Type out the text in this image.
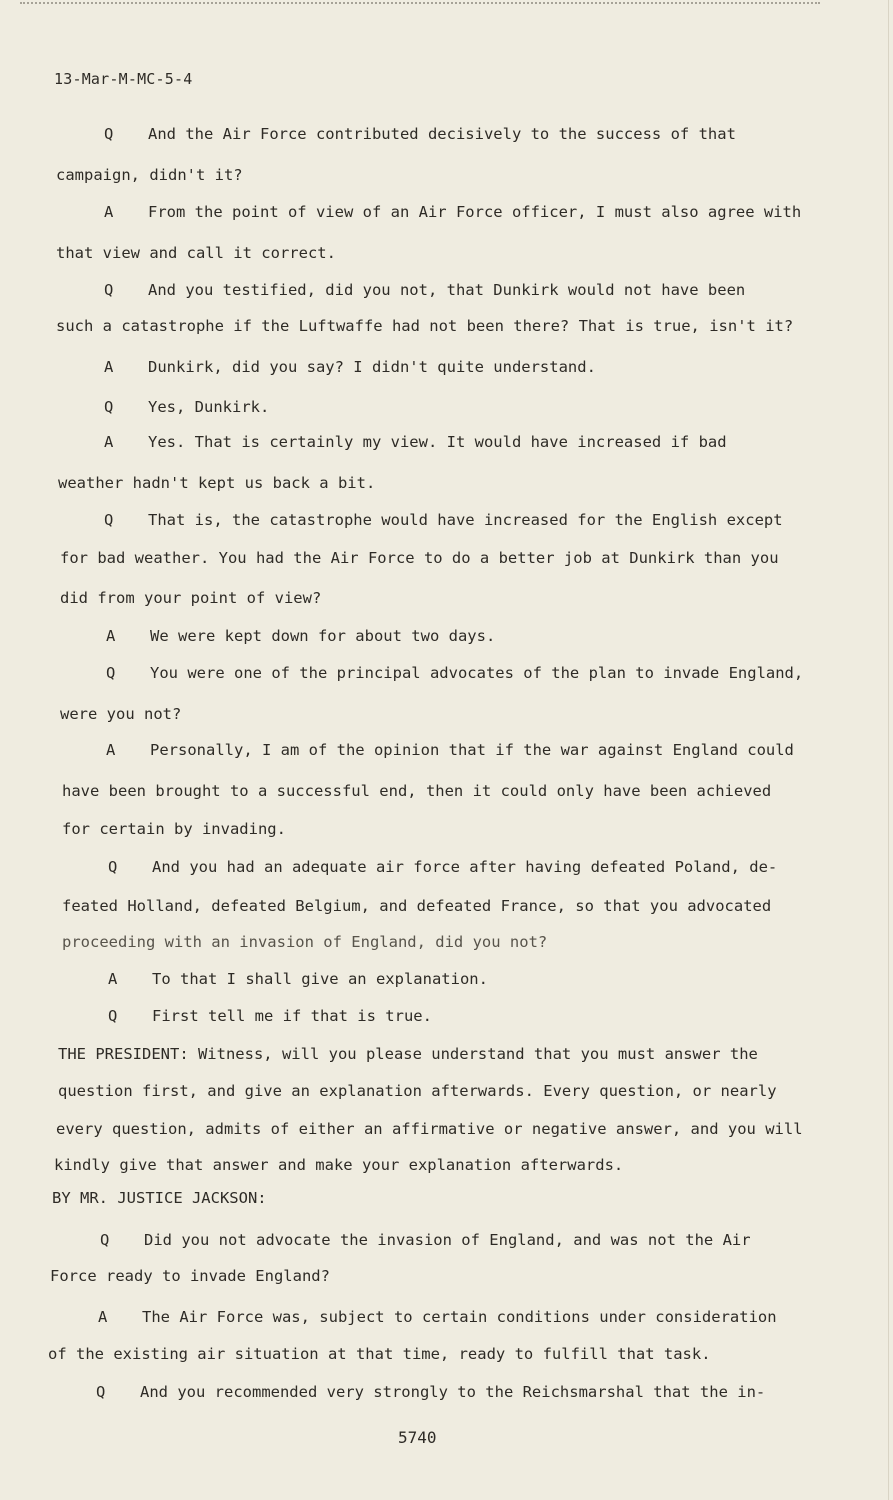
13-Mar-M-MC-5-4
Q And the Air Force contributed decisively to the success of that
campaign, didn't it?
A From the point of view of an Air Force officer, I must also agree with
that view and call it correct.
Q And you testified, did you not, that Dunkirk would not have been
such a catastrophe if the Luftwaffe had not been there? That is true, isn't it?
A Dunkirk, did you say? I didn't quite understand.
Q Yes, Dunkirk.
A Yes. That is certainly my view. It would have increased if bad
weather hadn't kept us back a bit.
Q That is, the catastrophe would have increased for the English except
for bad weather. You had the Air Force to do a better job at Dunkirk than you
did from your point of view?
A We were kept down for about two days.
Q You were one of the principal advocates of the plan to invade England,
were you not?
A Personally, I am of the opinion that if the war against England could
have been brought to a successful end, then it could only have been achieved
for certain by invading.
Q And you had an adequate air force after having defeated Poland, de-
feated Holland, defeated Belgium, and defeated France, so that you advocated
proceeding with an invasion of England, did you not?
A To that I shall give an explanation.
Q First tell me if that is true.
THE PRESIDENT: Witness, will you please understand that you must answer the
question first, and give an explanation afterwards. Every question, or nearly
every question, admits of either an affirmative or negative answer, and you will
kindly give that answer and make your explanation afterwards.
BY MR. JUSTICE JACKSON:
Q Did you not advocate the invasion of England, and was not the Air
Force ready to invade England?
A The Air Force was, subject to certain conditions under consideration
of the existing air situation at that time, ready to fulfill that task.
Q And you recommended very strongly to the Reichsmarshal that the in-
5740
